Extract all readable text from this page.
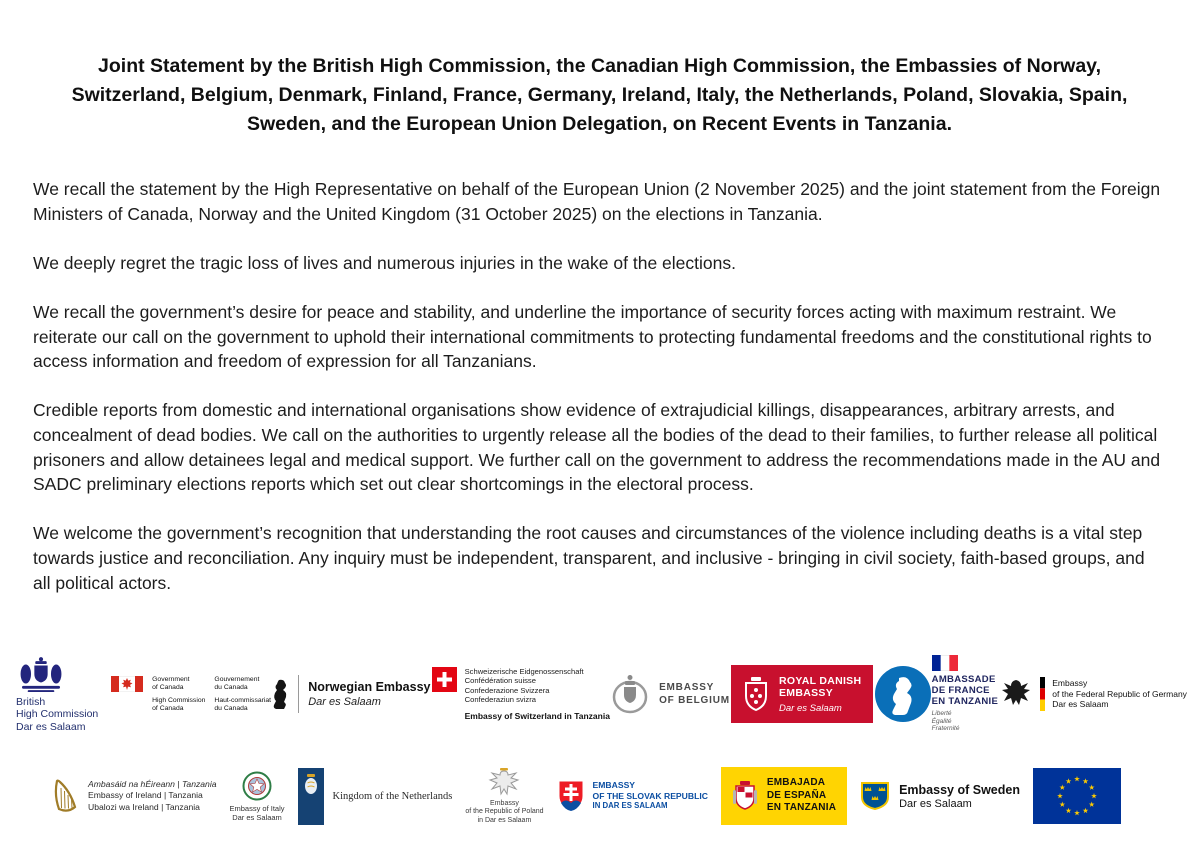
Joint Statement by the British High Commission, the Canadian High Commission, the Embassies of Norway, Switzerland, Belgium, Denmark, Finland, France, Germany, Ireland, Italy, the Netherlands, Poland, Slovakia, Spain, Sweden, and the European Union Delegation, on Recent Events in Tanzania.

We recall the statement by the High Representative on behalf of the European Union (2 November 2025) and the joint statement from the Foreign Ministers of Canada, Norway and the United Kingdom (31 October 2025) on the elections in Tanzania.

We deeply regret the tragic loss of lives and numerous injuries in the wake of the elections.

We recall the government’s desire for peace and stability, and underline the importance of security forces acting with maximum restraint. We reiterate our call on the government to uphold their international commitments to protecting fundamental freedoms and the constitutional rights to access information and freedom of expression for all Tanzanians.

Credible reports from domestic and international organisations show evidence of extrajudicial killings, disappearances, arbitrary arrests, and concealment of dead bodies. We call on the authorities to urgently release all the bodies of the dead to their families, to further release all political prisoners and allow detainees legal and medical support. We further call on the government to address the recommendations made in the AU and SADC preliminary elections reports which set out clear shortcomings in the electoral process.

We welcome the government’s recognition that understanding the root causes and circumstances of the violence including deaths is a vital step towards justice and reconciliation. Any inquiry must be independent, transparent, and inclusive - bringing in civil society, faith-based groups, and all political actors.

British
High Commission
Dar es Salaam
Government
of Canada
High Commission
of Canada
Gouvernement
du Canada
Haut-commissariat
du Canada
Norwegian Embassy
Dar es Salaam
Schweizerische Eidgenossenschaft
Confédération suisse
Confederazione Svizzera
Confederaziun svizra
Embassy of Switzerland in Tanzania
EMBASSY
OF BELGIUM
ROYAL DANISH
EMBASSY
Dar es Salaam
AMBASSADE
DE FRANCE
EN TANZANIE
Liberté
Égalité
Fraternité
Embassy
of the Federal Republic of Germany
Dar es Salaam
Ambasáid na hÉireann | Tanzania
Embassy of Ireland | Tanzania
Ubalozi wa Ireland | Tanzania	Embassy of Italy
Dar es Salaam
Kingdom of the Netherlands
Embassy
of the Republic of Poland
in Dar es Salaam
EMBASSY
OF THE SLOVAK REPUBLIC
IN DAR ES SALAAM
EMBAJADA
DE ESPAÑA
EN TANZANIA
Embassy of Sweden
Dar es Salaam
